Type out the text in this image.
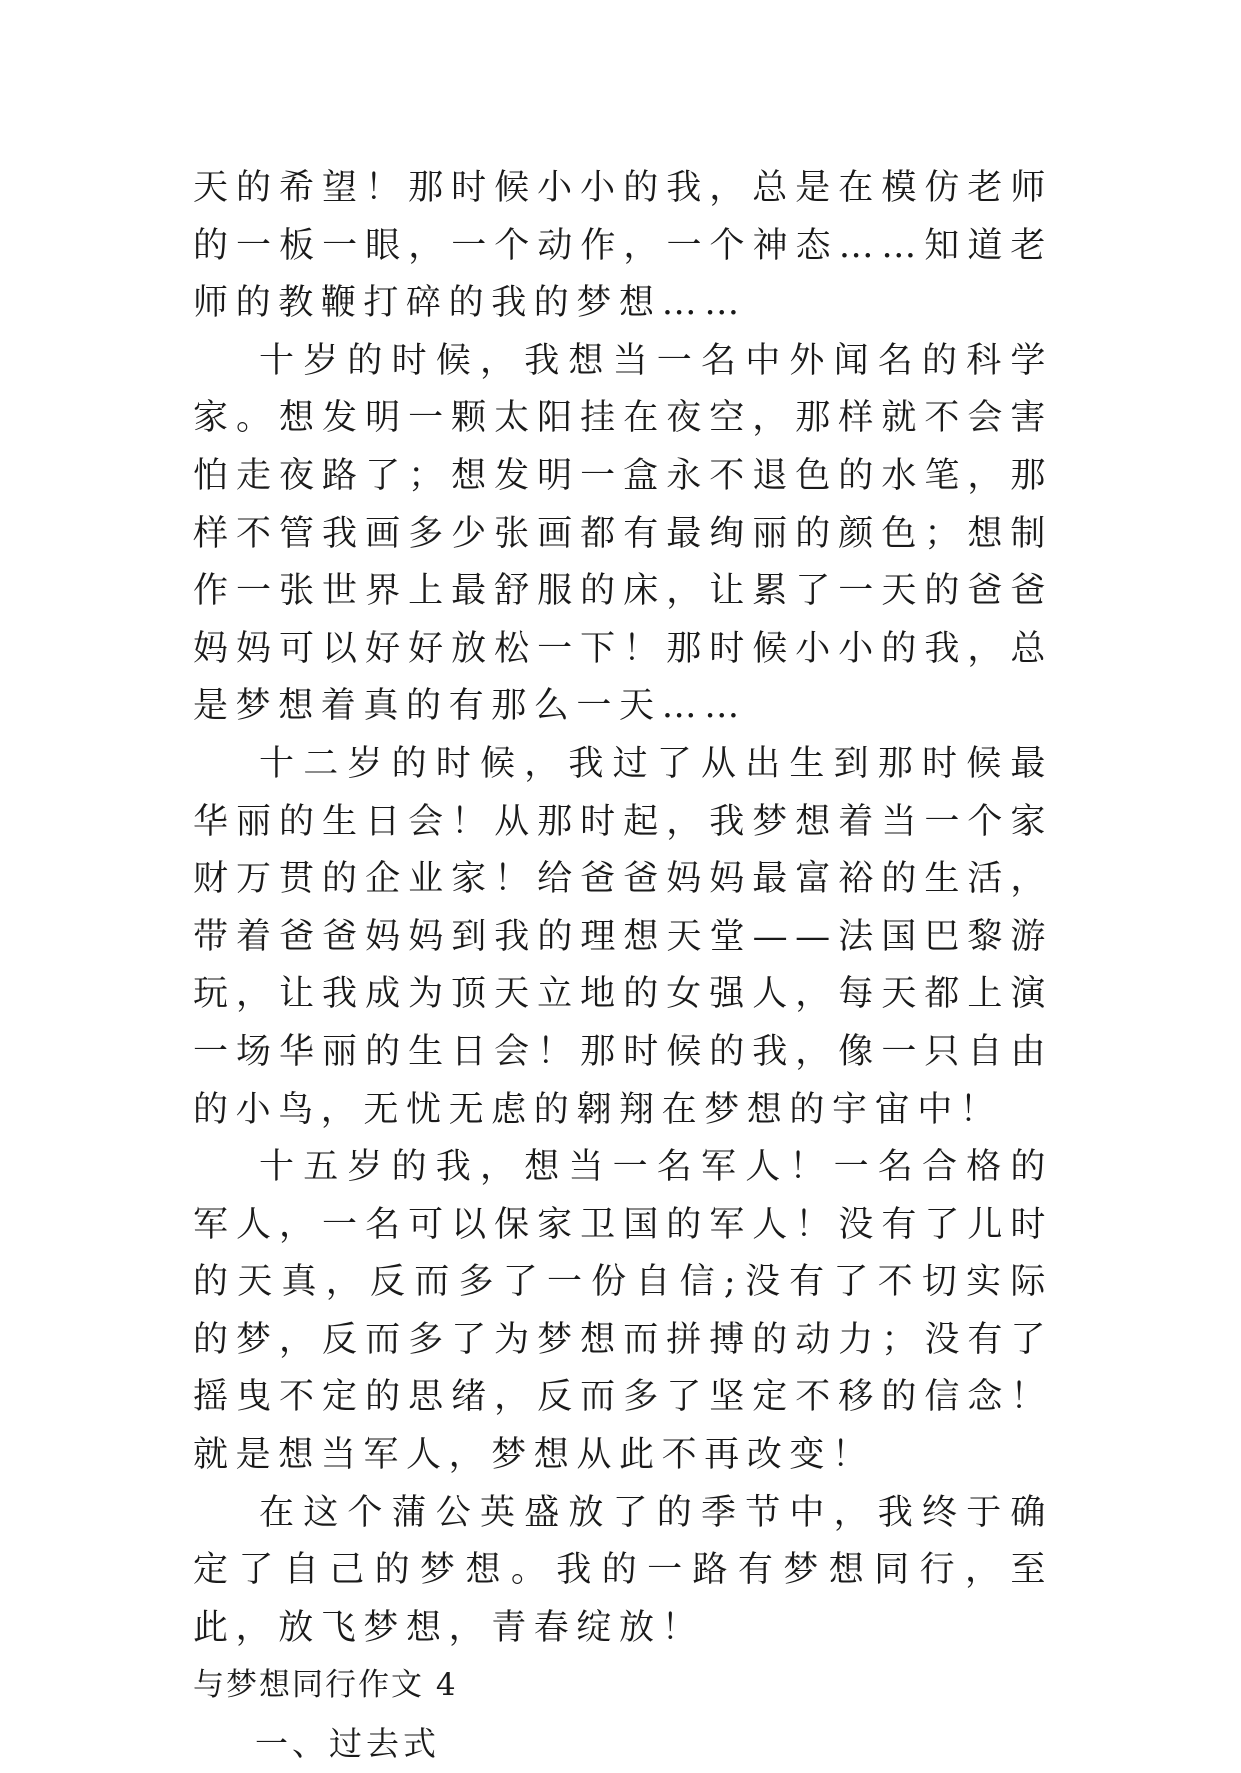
天的希望！那时候小小的我，总是在模仿老师的一板一眼，一个动作，一个神态……知道老师的教鞭打碎的我的梦想……

十岁的时候，我想当一名中外闻名的科学家。想发明一颗太阳挂在夜空，那样就不会害怕走夜路了；想发明一盒永不退色的水笔，那样不管我画多少张画都有最绚丽的颜色；想制作一张世界上最舒服的床，让累了一天的爸爸妈妈可以好好放松一下！那时候小小的我，总是梦想着真的有那么一天……

十二岁的时候，我过了从出生到那时候最华丽的生日会！从那时起，我梦想着当一个家财万贯的企业家！给爸爸妈妈最富裕的生活，带着爸爸妈妈到我的理想天堂——法国巴黎游玩，让我成为顶天立地的女强人，每天都上演一场华丽的生日会！那时候的我，像一只自由的小鸟，无忧无虑的翱翔在梦想的宇宙中！

十五岁的我，想当一名军人！一名合格的军人，一名可以保家卫国的军人！没有了儿时的天真，反而多了一份自信;没有了不切实际的梦，反而多了为梦想而拼搏的动力；没有了摇曳不定的思绪，反而多了坚定不移的信念！就是想当军人，梦想从此不再改变！

在这个蒲公英盛放了的季节中，我终于确定了自己的梦想。我的一路有梦想同行，至此，放飞梦想，青春绽放！

与梦想同行作文 4

一、过去式
